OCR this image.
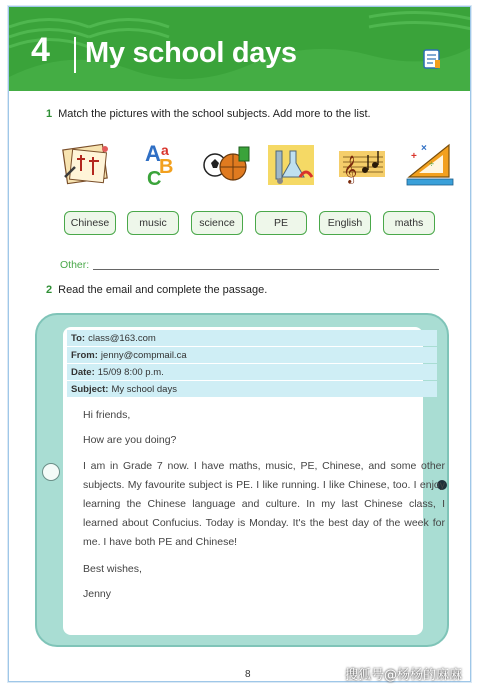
4 My school days
1 Match the pictures with the school subjects. Add more to the list.
A
B
C
a
𝄞	+
×
÷
Chinese	music	science	PE	English	maths
Other:
2 Read the email and complete the passage.
To: class@163.com
From: jenny@compmail.ca
Date: 15/09 8:00 p.m.
Subject: My school days
Hi friends,
How are you doing?
I am in Grade 7 now. I have maths, music, PE, Chinese, and some other subjects. My favourite subject is PE. I like running. I like Chinese, too. I enjoy learning the Chinese language and culture. In my last Chinese class, I learned about Confucius. Today is Monday. It's the best day of the week for me. I have both PE and Chinese!
Best wishes,
Jenny
8	搜狐号@杨杨的麻麻
